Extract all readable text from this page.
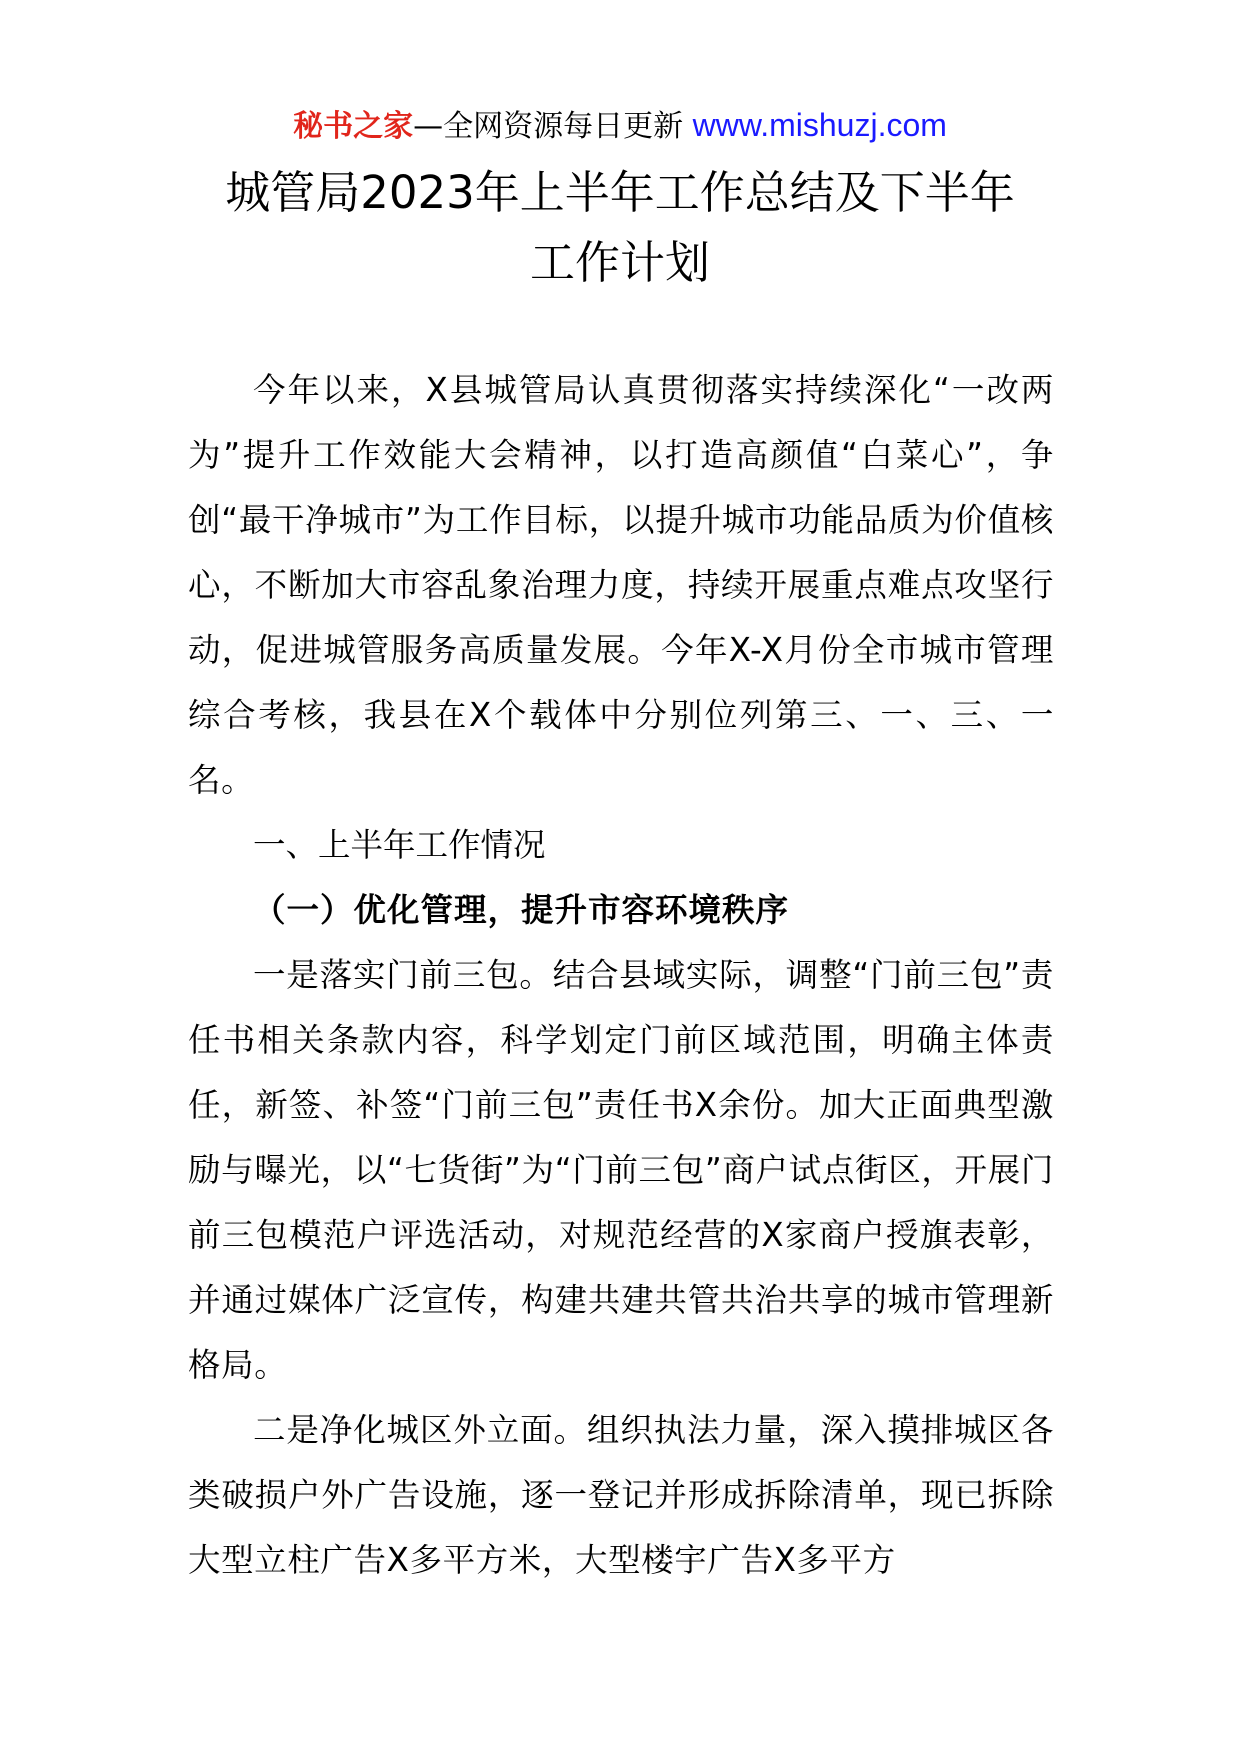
秘书之家—全网资源每日更新 www.mishuzj.com
城管局2023年上半年工作总结及下半年
工作计划

今年以来，X县城管局认真贯彻落实持续深化“一改两为”提升工作效能大会精神，以打造高颜值“白菜心”，争创“最干净城市”为工作目标，以提升城市功能品质为价值核心，不断加大市容乱象治理力度，持续开展重点难点攻坚行动，促进城管服务高质量发展。今年X-X月份全市城市管理综合考核，我县在X个载体中分别位列第三、一、三、一名。

一、上半年工作情况

（一）优化管理，提升市容环境秩序

一是落实门前三包。结合县域实际，调整“门前三包”责任书相关条款内容，科学划定门前区域范围，明确主体责任，新签、补签“门前三包”责任书X余份。加大正面典型激励与曝光，以“七货街”为“门前三包”商户试点街区，开展门前三包模范户评选活动，对规范经营的X家商户授旗表彰，并通过媒体广泛宣传，构建共建共管共治共享的城市管理新格局。

二是净化城区外立面。组织执法力量，深入摸排城区各类破损户外广告设施，逐一登记并形成拆除清单，现已拆除大型立柱广告X多平方米，大型楼宇广告X多平方
